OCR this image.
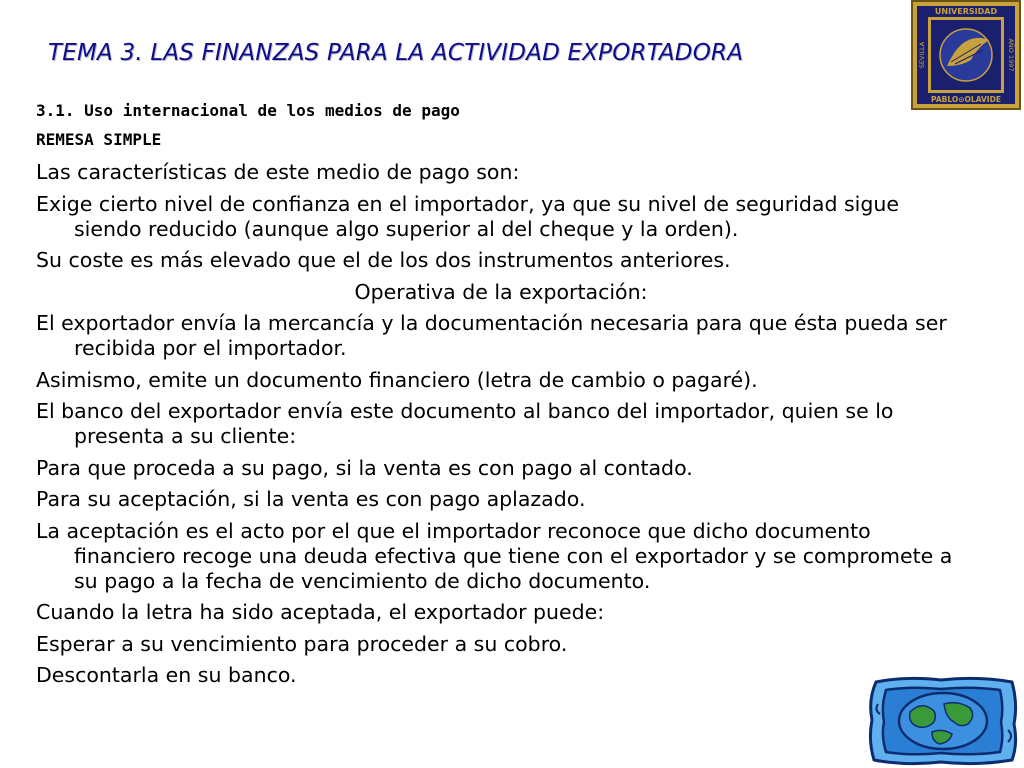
TEMA 3. LAS FINANZAS PARA LA ACTIVIDAD EXPORTADORA
3.1. Uso internacional de los medios de pago
REMESA SIMPLE
Las características de este medio de pago son:
Exige cierto nivel de confianza en el importador, ya que su nivel de seguridad sigue siendo reducido (aunque algo superior al del cheque y la orden).
Su coste es más elevado que el de los dos instrumentos anteriores.
Operativa de la exportación:
El exportador envía la mercancía y la documentación necesaria para que ésta pueda ser recibida por el importador.
Asimismo, emite un documento financiero (letra de cambio o pagaré).
El banco del exportador envía este documento al banco del importador, quien se lo presenta a su cliente:
Para que proceda a su pago, si la venta es con pago al contado.
Para su aceptación, si la venta es con pago aplazado.
La aceptación es el acto por el que el importador reconoce que dicho documento financiero recoge una deuda efectiva que tiene con el exportador y se compromete a su pago a la fecha de vencimiento de dicho documento.
Cuando la letra ha sido aceptada, el exportador puede:
Esperar a su vencimiento para proceder a su cobro.
Descontarla en su banco.
UNIVERSIDAD
PABLO⊙OLAVIDE
SEVILLA	AÑO 1997
